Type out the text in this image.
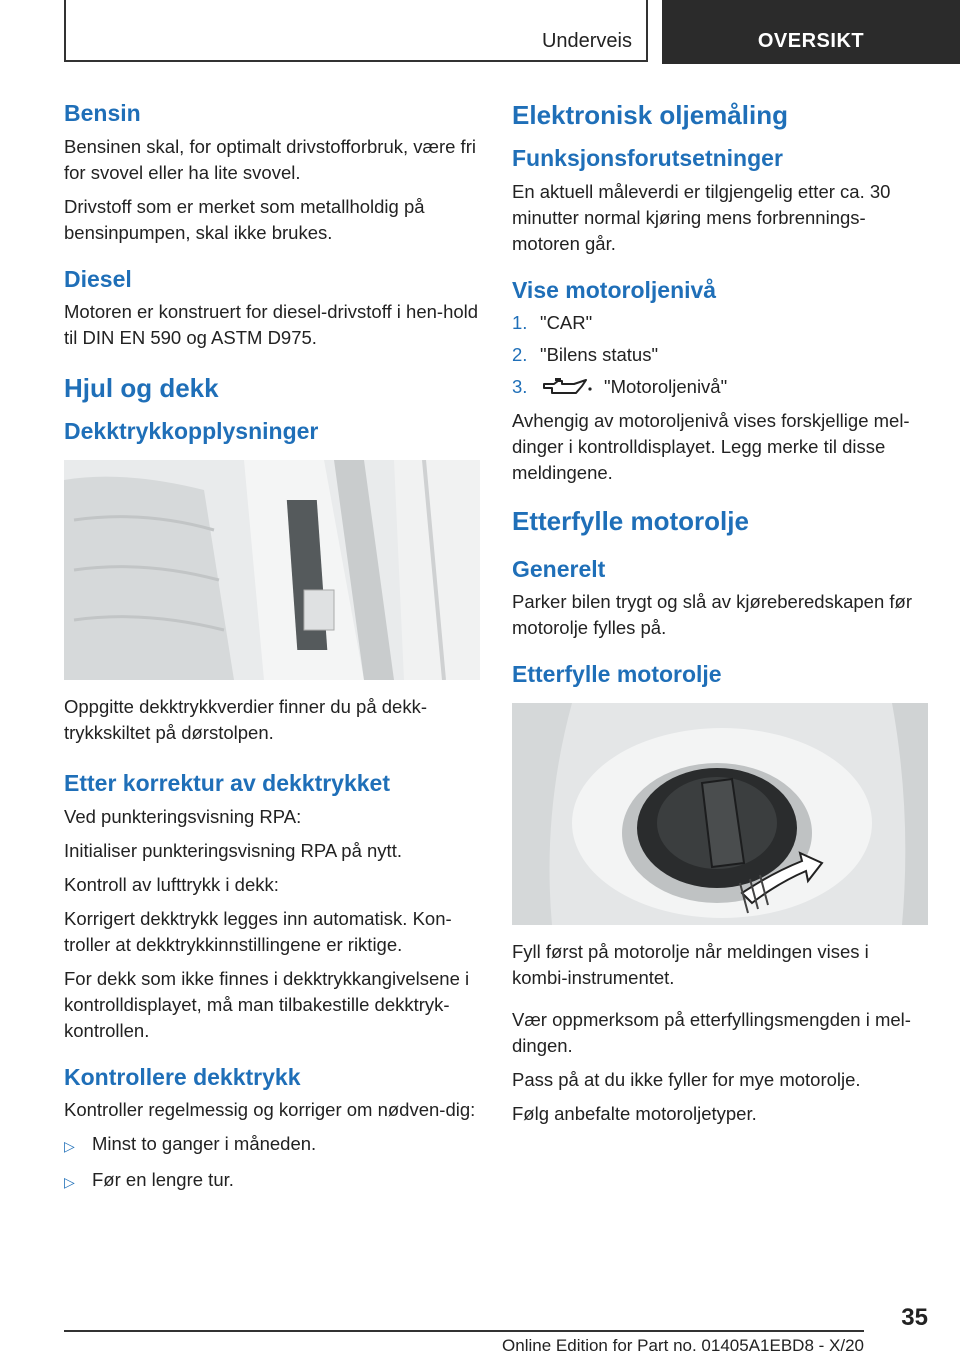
Underveis	OVERSIKT
Bensin

Bensinen skal, for optimalt drivstofforbruk, være fri for svovel eller ha lite svovel.

Drivstoff som er merket som metallholdig på bensinpumpen, skal ikke brukes.

Diesel

Motoren er konstruert for diesel-drivstoff i hen-hold til DIN EN 590 og ASTM D975.

Hjul og dekk
Dekktrykkopplysninger

Oppgitte dekktrykkverdier finner du på dekk-trykkskiltet på dørstolpen.

Etter korrektur av dekktrykket

Ved punkteringsvisning RPA:

Initialiser punkteringsvisning RPA på nytt.

Kontroll av lufttrykk i dekk:

Korrigert dekktrykk legges inn automatisk. Kon-troller at dekktrykkinnstillingene er riktige.

For dekk som ikke finnes i dekktrykkangivelsene i kontrolldisplayet, må man tilbakestille dekktryk-kontrollen.

Kontrollere dekktrykk

Kontroller regelmessig og korriger om nødven-dig:

▷ Minst to ganger i måneden.
▷ Før en lengre tur.
Elektronisk oljemåling
Funksjonsforutsetninger

En aktuell måleverdi er tilgjengelig etter ca. 30 minutter normal kjøring mens forbrennings-motoren går.

Vise motoroljenivå
1. "CAR"
2. "Bilens status"
3.	"Motoroljenivå"

Avhengig av motoroljenivå vises forskjellige mel-dinger i kontrolldisplayet. Legg merke til disse meldingene.

Etterfylle motorolje
Generelt

Parker bilen trygt og slå av kjøreberedskapen før motorolje fylles på.

Etterfylle motorolje

Fyll først på motorolje når meldingen vises i kombi-instrumentet.

Vær oppmerksom på etterfyllingsmengden i mel-dingen.

Pass på at du ikke fyller for mye motorolje.

Følg anbefalte motoroljetyper.

35
Online Edition for Part no. 01405A1EBD8 - X/20
